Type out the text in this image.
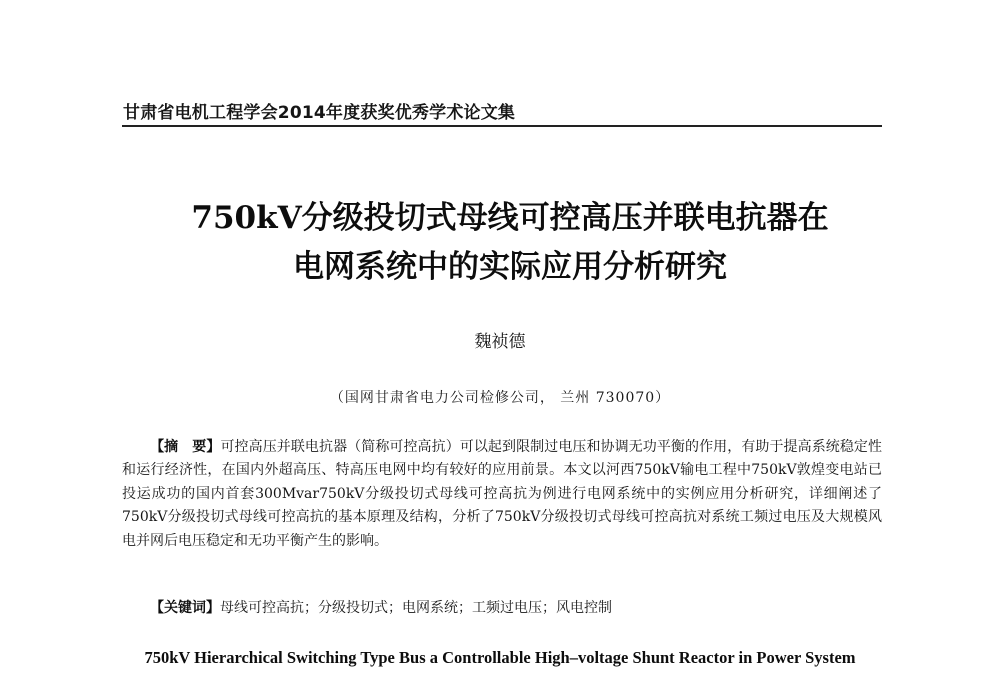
甘肃省电机工程学会2014年度获奖优秀学术论文集
750kV分级投切式母线可控高压并联电抗器在
电网系统中的实际应用分析研究
魏祯德
（国网甘肃省电力公司检修公司， 兰州 730070）
【摘　要】可控高压并联电抗器（简称可控高抗）可以起到限制过电压和协调无功平衡的作用，有助于提高系统稳定性和运行经济性，在国内外超高压、特高压电网中均有较好的应用前景。本文以河西750kV输电工程中750kV敦煌变电站已投运成功的国内首套300Mvar750kV分级投切式母线可控高抗为例进行电网系统中的实例应用分析研究，详细阐述了750kV分级投切式母线可控高抗的基本原理及结构，分析了750kV分级投切式母线可控高抗对系统工频过电压及大规模风电并网后电压稳定和无功平衡产生的影响。
【关键词】母线可控高抗；分级投切式；电网系统；工频过电压；风电控制
750kV Hierarchical Switching Type Bus a Controllable High–voltage Shunt Reactor in Power System
